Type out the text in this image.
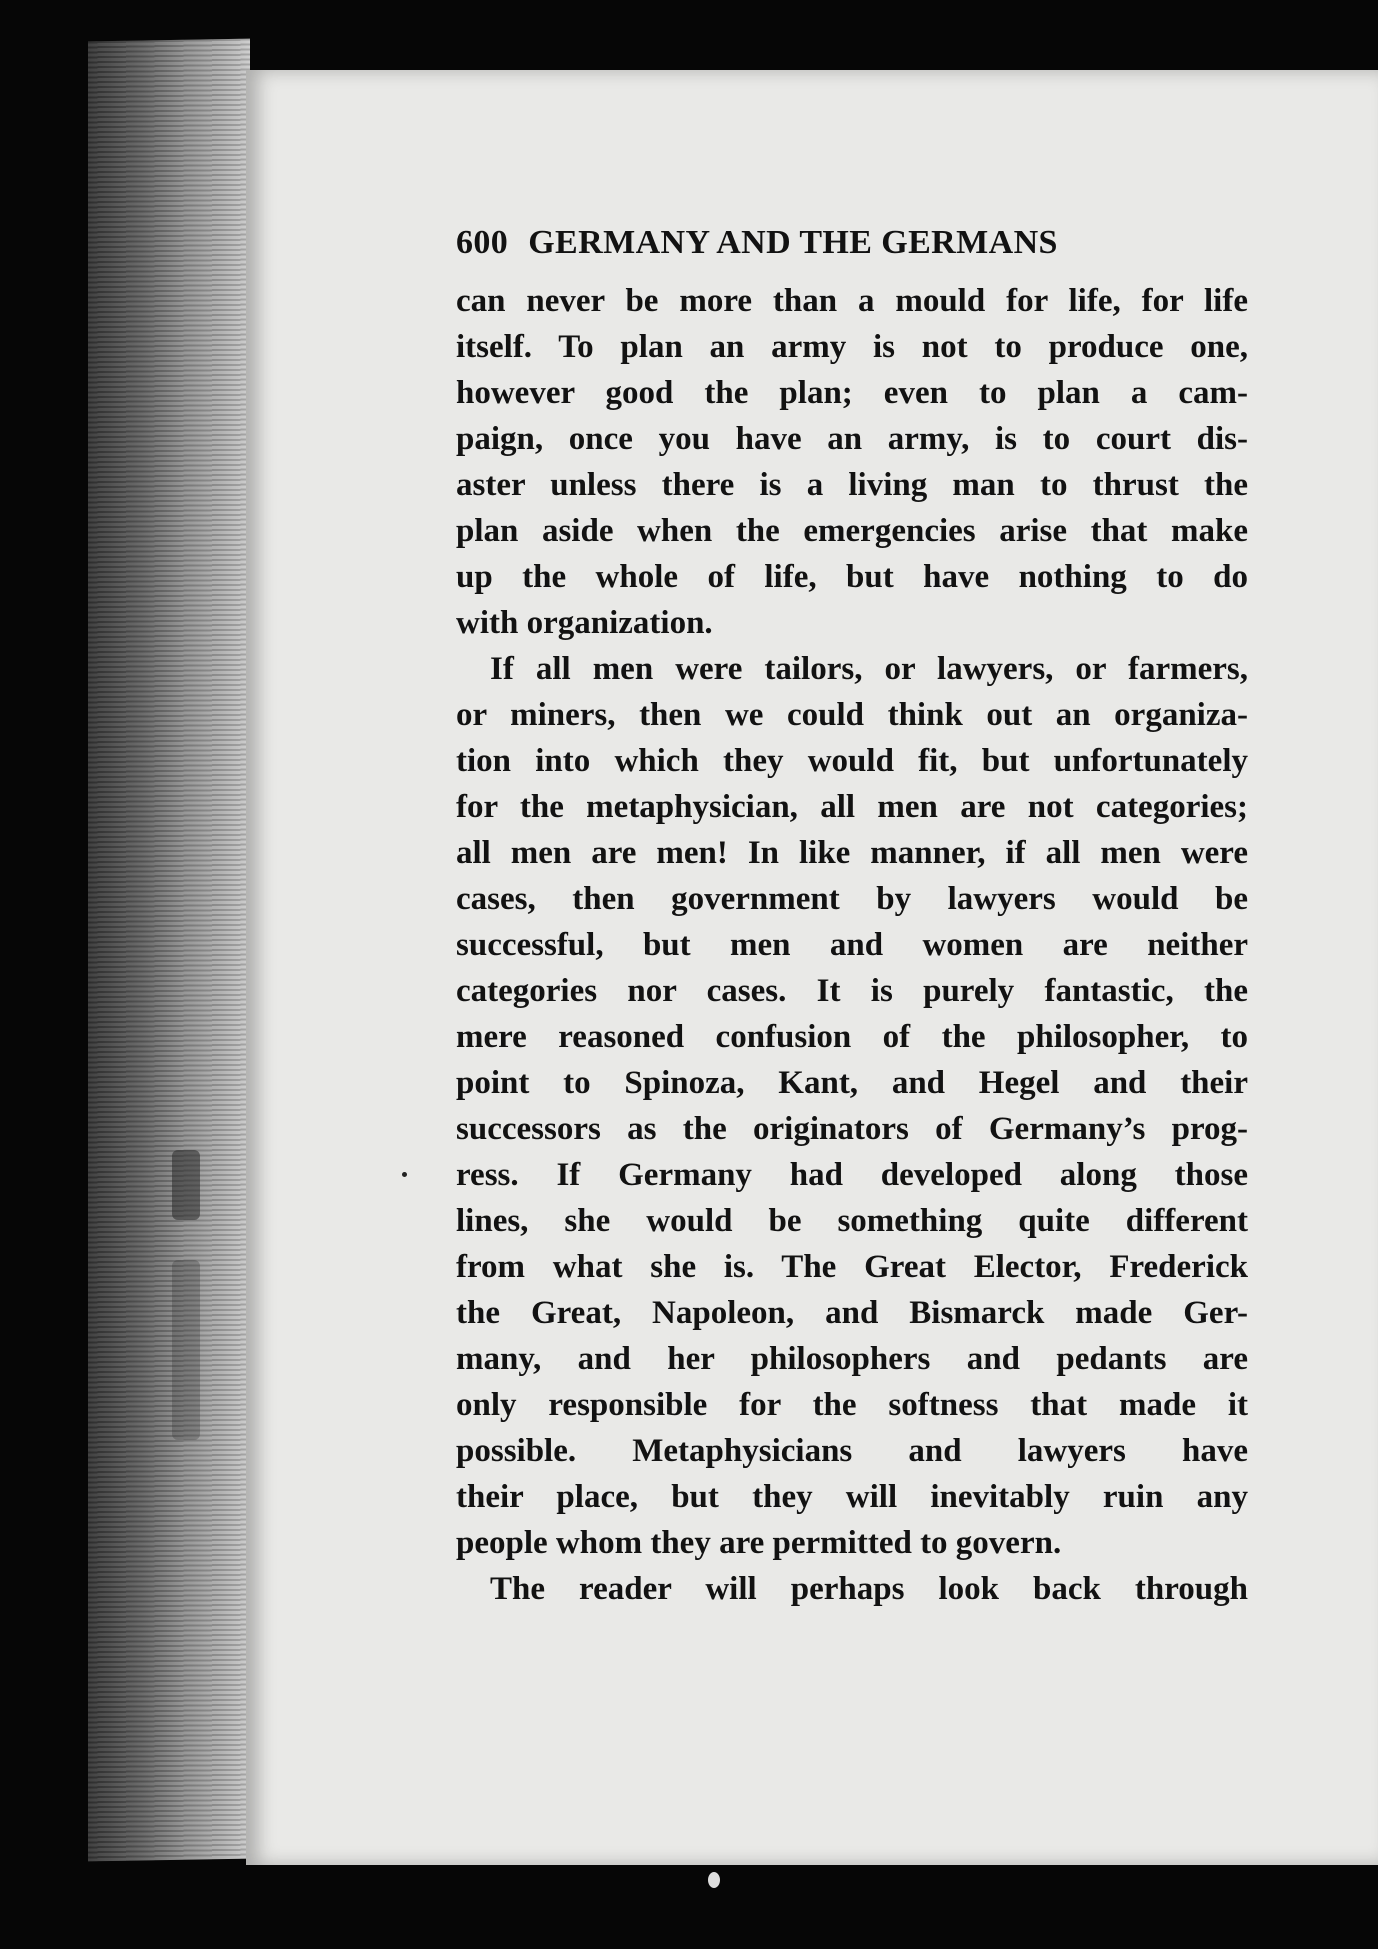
600 GERMANY AND THE GERMANS
can never be more than a mould for life, for life
itself. To plan an army is not to produce one,
however good the plan; even to plan a cam-
paign, once you have an army, is to court dis-
aster unless there is a living man to thrust the
plan aside when the emergencies arise that make
up the whole of life, but have nothing to do
with organization.
If all men were tailors, or lawyers, or farmers,
or miners, then we could think out an organiza-
tion into which they would fit, but unfortunately
for the metaphysician, all men are not categories;
all men are men! In like manner, if all men were
cases, then government by lawyers would be
successful, but men and women are neither
categories nor cases. It is purely fantastic, the
mere reasoned confusion of the philosopher, to
point to Spinoza, Kant, and Hegel and their
successors as the originators of Germany’s prog-
ress. If Germany had developed along those
lines, she would be something quite different
from what she is. The Great Elector, Frederick
the Great, Napoleon, and Bismarck made Ger-
many, and her philosophers and pedants are
only responsible for the softness that made it
possible. Metaphysicians and lawyers have
their place, but they will inevitably ruin any
people whom they are permitted to govern.
The reader will perhaps look back through
